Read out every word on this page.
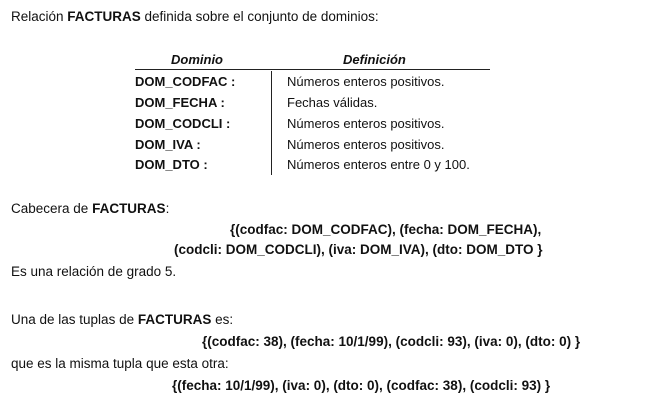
Relación FACTURAS definida sobre el conjunto de dominios:
Dominio	Definición
DOM_CODFAC :	Números enteros positivos.
DOM_FECHA :	Fechas válidas.
DOM_CODCLI :	Números enteros positivos.
DOM_IVA :	Números enteros positivos.
DOM_DTO :	Números enteros entre 0 y 100.
Cabecera de FACTURAS:
{(codfac: DOM_CODFAC), (fecha: DOM_FECHA),
(codcli: DOM_CODCLI), (iva: DOM_IVA), (dto: DOM_DTO }
Es una relación de grado 5.
Una de las tuplas de FACTURAS es:
{(codfac: 38), (fecha: 10/1/99), (codcli: 93), (iva: 0), (dto: 0) }
que es la misma tupla que esta otra:
{(fecha: 10/1/99), (iva: 0), (dto: 0), (codfac: 38), (codcli: 93) }
